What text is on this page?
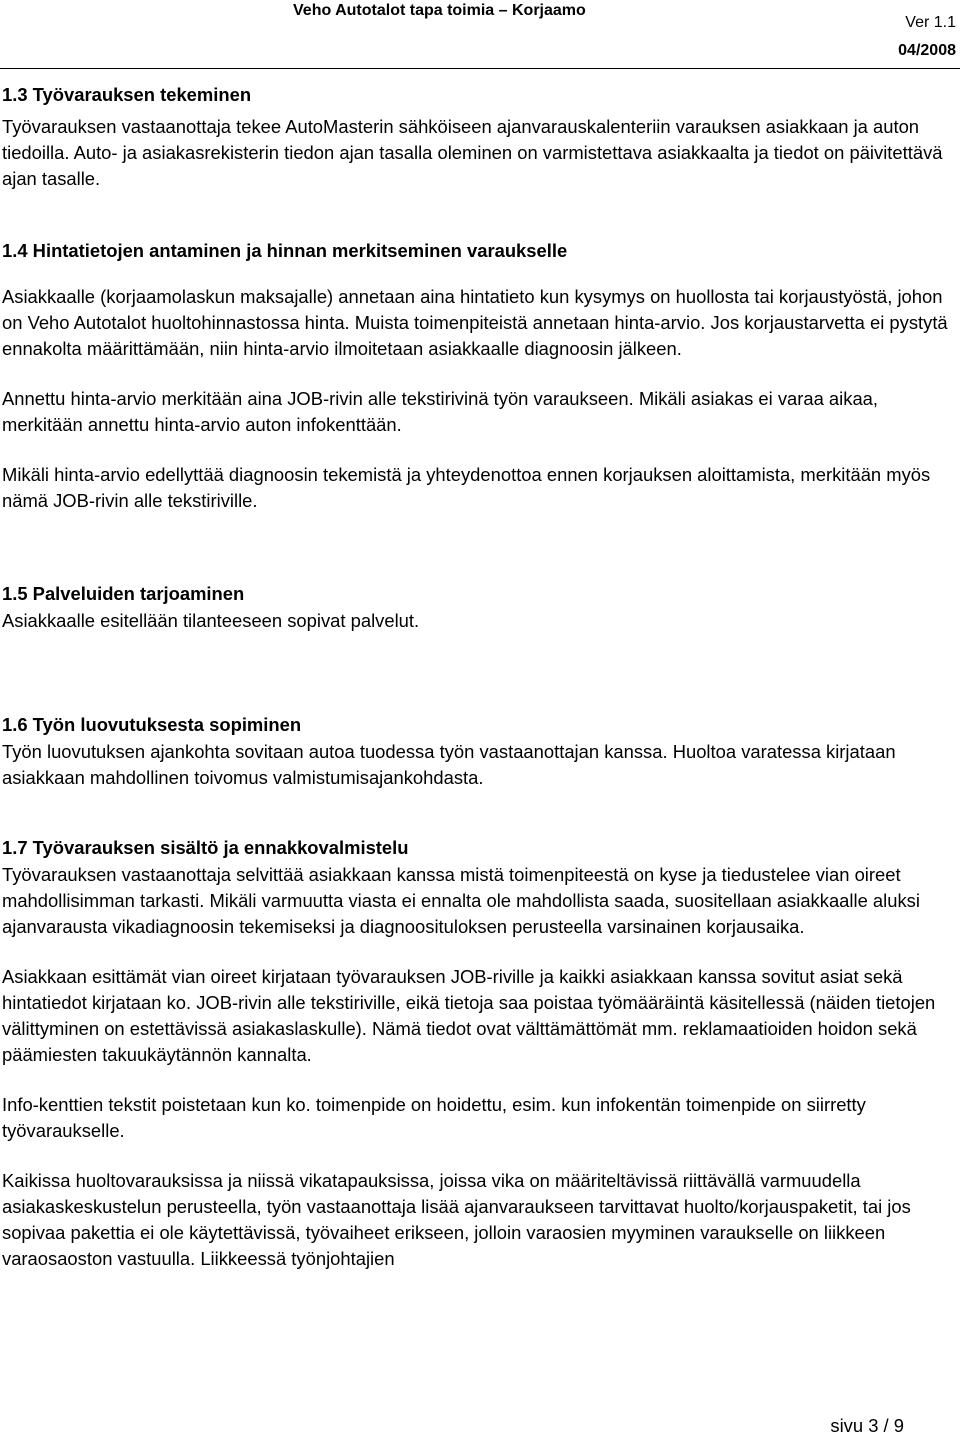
Veho Autotalot tapa toimia – Korjaamo
Ver 1.1
04/2008
1.3 Työvarauksen tekeminen

Työvarauksen vastaanottaja tekee AutoMasterin sähköiseen ajanvarauskalenteriin varauksen asiakkaan ja auton tiedoilla. Auto- ja asiakasrekisterin tiedon ajan tasalla oleminen on varmistettava asiakkaalta ja tiedot on päivitettävä ajan tasalle.

1.4 Hintatietojen antaminen ja hinnan merkitseminen varaukselle

Asiakkaalle (korjaamolaskun maksajalle) annetaan aina hintatieto kun kysymys on huollosta tai korjaustyöstä, johon on Veho Autotalot huoltohinnastossa hinta. Muista toimenpiteistä annetaan hinta-arvio. Jos korjaustarvetta ei pystytä ennakolta määrittämään, niin hinta-arvio ilmoitetaan asiakkaalle diagnoosin jälkeen.

Annettu hinta-arvio merkitään aina JOB-rivin alle tekstirivinä työn varaukseen. Mikäli asiakas ei varaa aikaa, merkitään annettu hinta-arvio auton infokenttään.

Mikäli hinta-arvio edellyttää diagnoosin tekemistä ja yhteydenottoa ennen korjauksen aloittamista, merkitään myös nämä JOB-rivin alle tekstiriville.

1.5 Palveluiden tarjoaminen

Asiakkaalle esitellään tilanteeseen sopivat palvelut.

1.6 Työn luovutuksesta sopiminen

Työn luovutuksen ajankohta sovitaan autoa tuodessa työn vastaanottajan kanssa. Huoltoa varatessa kirjataan asiakkaan mahdollinen toivomus valmistumisajankohdasta.

1.7 Työvarauksen sisältö ja ennakkovalmistelu

Työvarauksen vastaanottaja selvittää asiakkaan kanssa mistä toimenpiteestä on kyse ja tiedustelee vian oireet mahdollisimman tarkasti. Mikäli varmuutta viasta ei ennalta ole mahdollista saada, suositellaan asiakkaalle aluksi ajanvarausta vikadiagnoosin tekemiseksi ja diagnoosituloksen perusteella varsinainen korjausaika.

Asiakkaan esittämät vian oireet kirjataan työvarauksen JOB-riville ja kaikki asiakkaan kanssa sovitut asiat sekä hintatiedot kirjataan ko. JOB-rivin alle tekstiriville, eikä tietoja saa poistaa työmääräintä käsitellessä (näiden tietojen välittyminen on estettävissä asiakaslaskulle). Nämä tiedot ovat välttämättömät mm. reklamaatioiden hoidon sekä päämiesten takuukäytännön kannalta.

Info-kenttien tekstit poistetaan kun ko. toimenpide on hoidettu, esim. kun infokentän toimenpide on siirretty työvaraukselle.

Kaikissa huoltovarauksissa ja niissä vikatapauksissa, joissa vika on määriteltävissä riittävällä varmuudella asiakaskeskustelun perusteella, työn vastaanottaja lisää ajanvaraukseen tarvittavat huolto/korjauspaketit, tai jos sopivaa pakettia ei ole käytettävissä, työvaiheet erikseen, jolloin varaosien myyminen varaukselle on liikkeen varaosaoston vastuulla. Liikkeessä työnjohtajien

sivu 3 / 9
